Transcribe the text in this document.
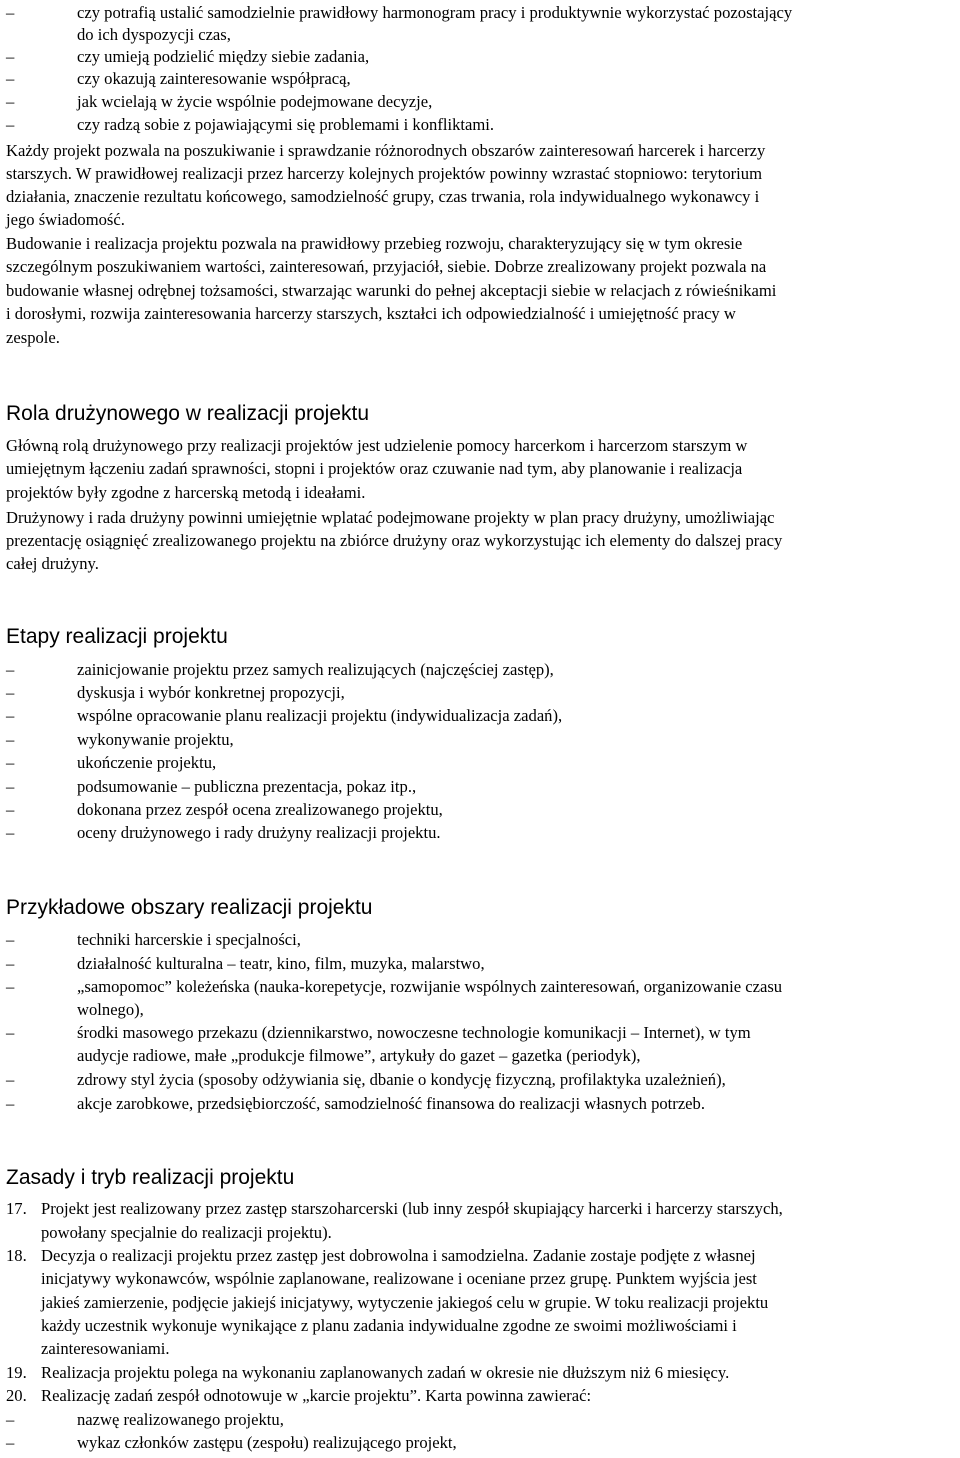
–	czy potrafią ustalić samodzielnie prawidłowy harmonogram pracy i produktywnie wykorzystać pozostający
do ich dyspozycji czas,
–	czy umieją podzielić między siebie zadania,
–	czy okazują zainteresowanie współpracą,
–	jak wcielają w życie wspólnie podejmowane decyzje,
–	czy radzą sobie z pojawiającymi się problemami i konfliktami.
Każdy projekt pozwala na poszukiwanie i sprawdzanie różnorodnych obszarów zainteresowań harcerek i harcerzy
starszych. W prawidłowej realizacji przez harcerzy kolejnych projektów powinny wzrastać stopniowo: terytorium
działania, znaczenie rezultatu końcowego, samodzielność grupy, czas trwania, rola indywidualnego wykonawcy i
jego świadomość.
Budowanie i realizacja projektu pozwala na prawidłowy przebieg rozwoju, charakteryzujący się w tym okresie
szczególnym poszukiwaniem wartości, zainteresowań, przyjaciół, siebie. Dobrze zrealizowany projekt pozwala na
budowanie własnej odrębnej tożsamości, stwarzając warunki do pełnej akceptacji siebie w relacjach z rówieśnikami
i dorosłymi, rozwija zainteresowania harcerzy starszych, kształci ich odpowiedzialność i umiejętność pracy w
zespole.
Rola drużynowego w realizacji projektu
Główną rolą drużynowego przy realizacji projektów jest udzielenie pomocy harcerkom i harcerzom starszym w
umiejętnym łączeniu zadań sprawności, stopni i projektów oraz czuwanie nad tym, aby planowanie i realizacja
projektów były zgodne z harcerską metodą i ideałami.
Drużynowy i rada drużyny powinni umiejętnie wplatać podejmowane projekty w plan pracy drużyny, umożliwiając
prezentację osiągnięć zrealizowanego projektu na zbiórce drużyny oraz wykorzystując ich elementy do dalszej pracy
całej drużyny.
Etapy realizacji projektu
–	zainicjowanie projektu przez samych realizujących (najczęściej zastęp),
–	dyskusja i wybór konkretnej propozycji,
–	wspólne opracowanie planu realizacji projektu (indywidualizacja zadań),
–	wykonywanie projektu,
–	ukończenie projektu,
–	podsumowanie – publiczna prezentacja, pokaz itp.,
–	dokonana przez zespół ocena zrealizowanego projektu,
–	oceny drużynowego i rady drużyny realizacji projektu.
Przykładowe obszary realizacji projektu
–	techniki harcerskie i specjalności,
–	działalność kulturalna – teatr, kino, film, muzyka, malarstwo,
–	„samopomoc” koleżeńska (nauka-korepetycje, rozwijanie wspólnych zainteresowań, organizowanie czasu
wolnego),
–	środki masowego przekazu (dziennikarstwo, nowoczesne technologie komunikacji – Internet), w tym
audycje radiowe, małe „produkcje filmowe”, artykuły do gazet – gazetka (periodyk),
–	zdrowy styl życia (sposoby odżywiania się, dbanie o kondycję fizyczną, profilaktyka uzależnień),
–	akcje zarobkowe, przedsiębiorczość, samodzielność finansowa do realizacji własnych potrzeb.
Zasady i tryb realizacji projektu
17. Projekt jest realizowany przez zastęp starszoharcerski (lub inny zespół skupiający harcerki i harcerzy starszych,
powołany specjalnie do realizacji projektu).
18. Decyzja o realizacji projektu przez zastęp jest dobrowolna i samodzielna. Zadanie zostaje podjęte z własnej
inicjatywy wykonawców, wspólnie zaplanowane, realizowane i oceniane przez grupę. Punktem wyjścia jest
jakieś zamierzenie, podjęcie jakiejś inicjatywy, wytyczenie jakiegoś celu w grupie. W toku realizacji projektu
każdy uczestnik wykonuje wynikające z planu zadania indywidualne zgodne ze swoimi możliwościami i
zainteresowaniami.
19. Realizacja projektu polega na wykonaniu zaplanowanych zadań w okresie nie dłuższym niż 6 miesięcy.
20. Realizację zadań zespół odnotowuje w „karcie projektu”. Karta powinna zawierać:
–	nazwę realizowanego projektu,
–	wykaz członków zastępu (zespołu) realizującego projekt,
